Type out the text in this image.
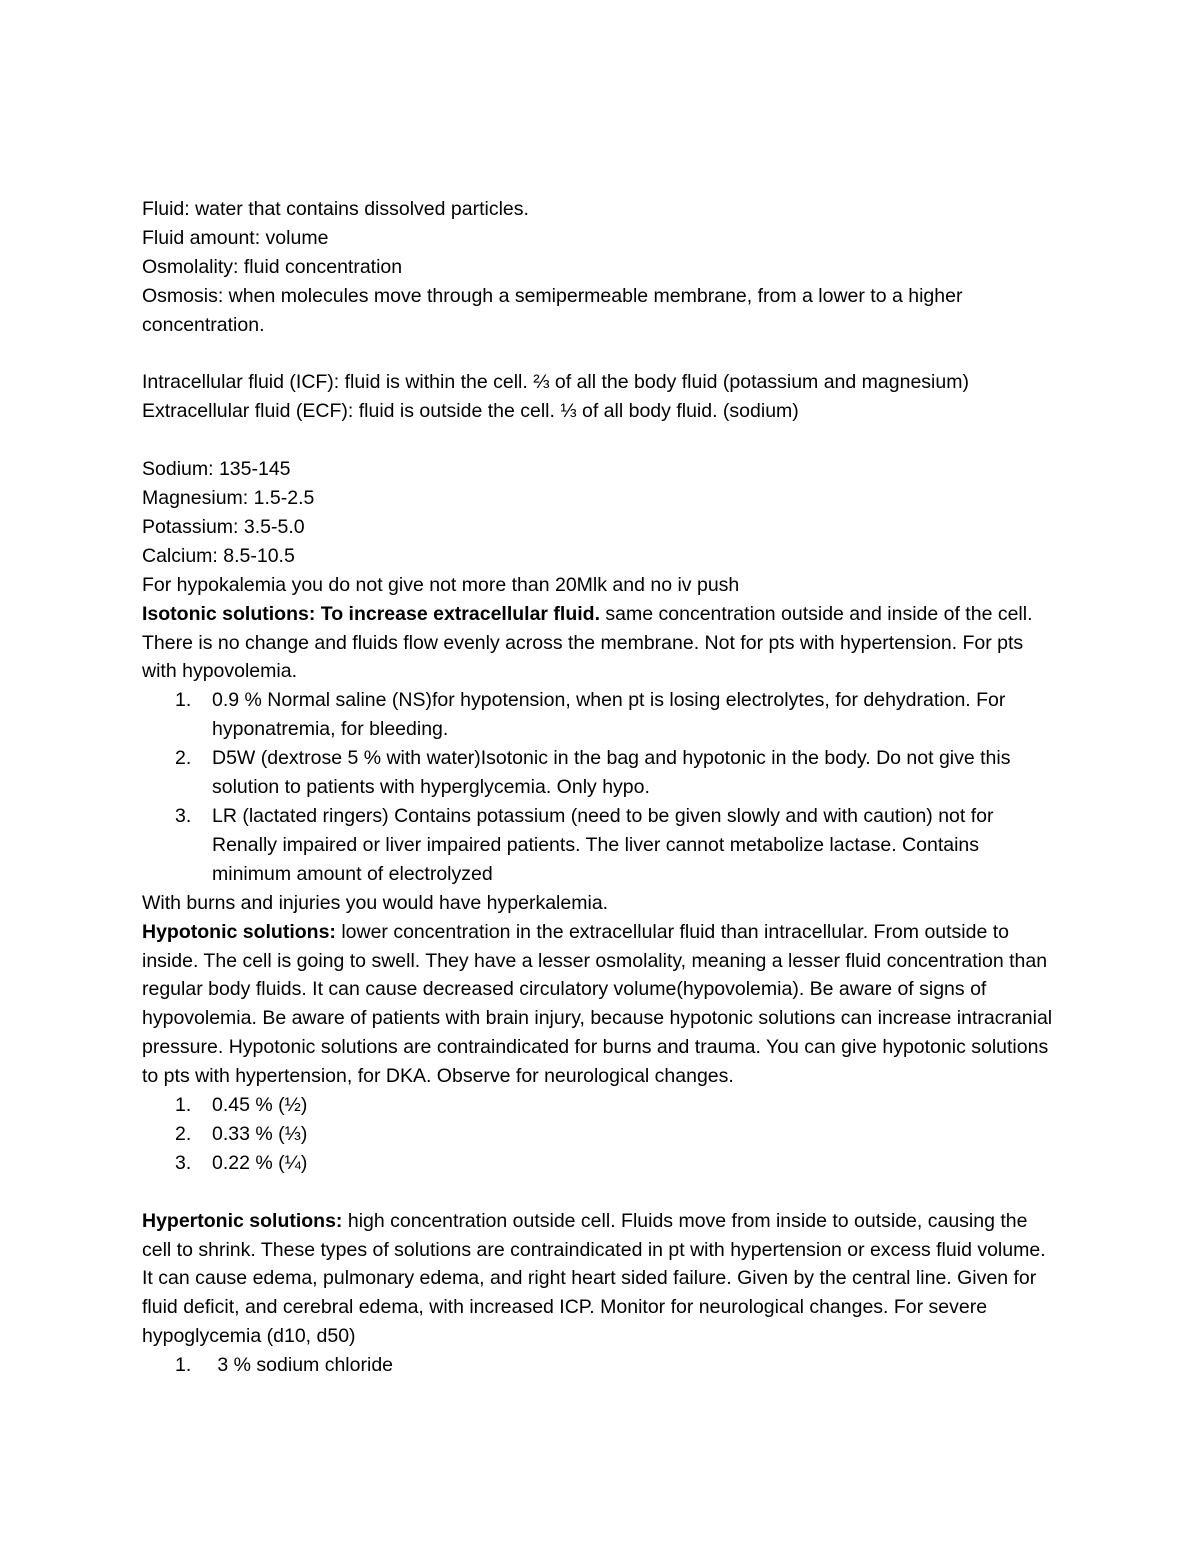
Fluid: water that contains dissolved particles.

Fluid amount: volume

Osmolality: fluid concentration

Osmosis: when molecules move through a semipermeable membrane, from a lower to a higher concentration.

Intracellular fluid (ICF): fluid is within the cell. ⅔ of all the body fluid (potassium and magnesium)

Extracellular fluid (ECF): fluid is outside the cell. ⅓ of all body fluid. (sodium)

Sodium: 135-145

Magnesium: 1.5-2.5

Potassium: 3.5-5.0

Calcium: 8.5-10.5

For hypokalemia you do not give not more than 20Mlk and no iv push

Isotonic solutions: To increase extracellular fluid. same concentration outside and inside of the cell. There is no change and fluids flow evenly across the membrane. Not for pts with hypertension. For pts with hypovolemia.

1. 0.9 % Normal saline (NS)for hypotension, when pt is losing electrolytes, for dehydration. For hyponatremia, for bleeding.
2. D5W (dextrose 5 % with water)Isotonic in the bag and hypotonic in the body. Do not give this solution to patients with hyperglycemia. Only hypo.
3. LR (lactated ringers) Contains potassium (need to be given slowly and with caution) not for Renally impaired or liver impaired patients. The liver cannot metabolize lactase. Contains minimum amount of electrolyzed

With burns and injuries you would have hyperkalemia.

Hypotonic solutions: lower concentration in the extracellular fluid than intracellular. From outside to inside. The cell is going to swell. They have a lesser osmolality, meaning a lesser fluid concentration than regular body fluids. It can cause decreased circulatory volume(hypovolemia). Be aware of signs of hypovolemia. Be aware of patients with brain injury, because hypotonic solutions can increase intracranial pressure. Hypotonic solutions are contraindicated for burns and trauma. You can give hypotonic solutions to pts with hypertension, for DKA. Observe for neurological changes.

1. 0.45 % (½)
2. 0.33 % (⅓)
3. 0.22 % (¼)

Hypertonic solutions: high concentration outside cell. Fluids move from inside to outside, causing the cell to shrink. These types of solutions are contraindicated in pt with hypertension or excess fluid volume. It can cause edema, pulmonary edema, and right heart sided failure. Given by the central line. Given for fluid deficit, and cerebral edema, with increased ICP. Monitor for neurological changes. For severe hypoglycemia (d10, d50)

1. 3 % sodium chloride
